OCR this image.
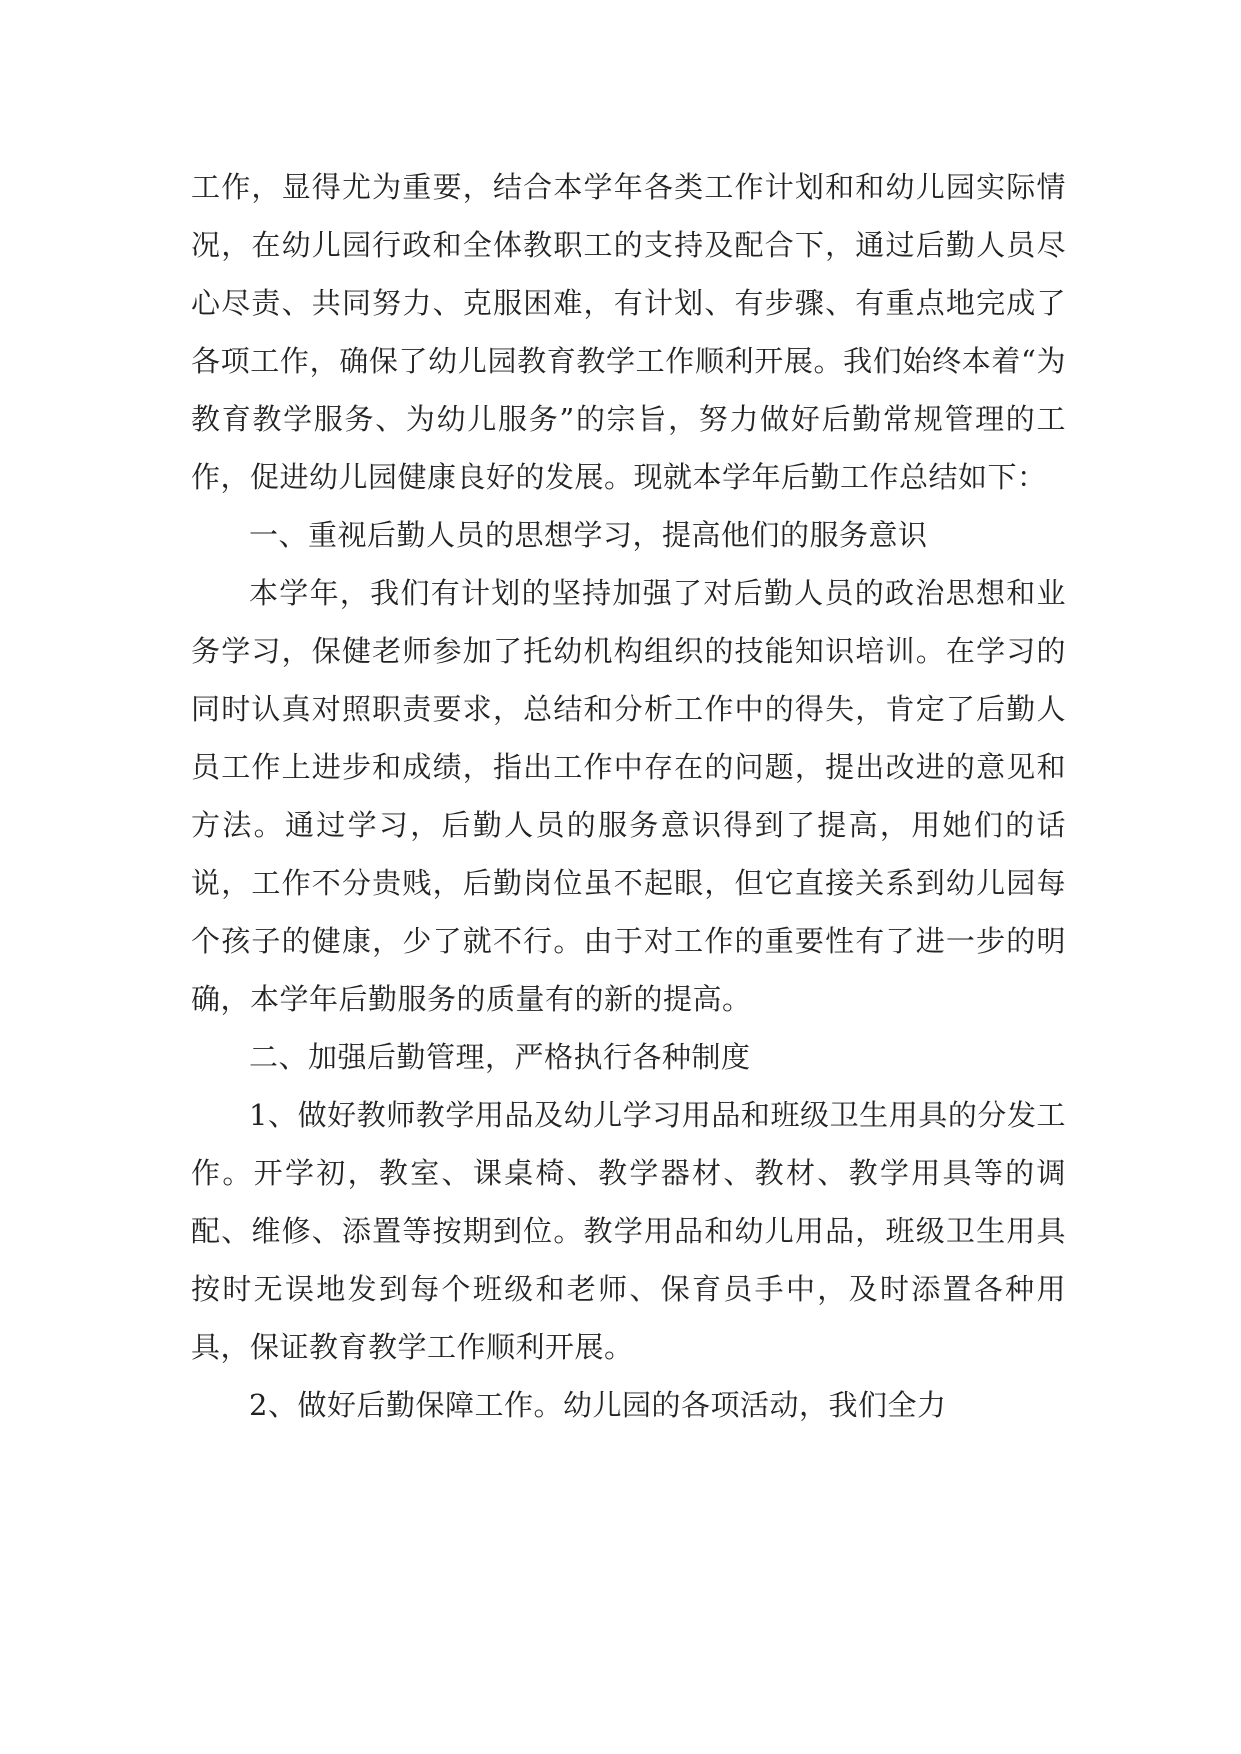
工作，显得尤为重要，结合本学年各类工作计划和和幼儿园实际情况，在幼儿园行政和全体教职工的支持及配合下，通过后勤人员尽心尽责、共同努力、克服困难，有计划、有步骤、有重点地完成了各项工作，确保了幼儿园教育教学工作顺利开展。我们始终本着“为教育教学服务、为幼儿服务”的宗旨，努力做好后勤常规管理的工作，促进幼儿园健康良好的发展。现就本学年后勤工作总结如下：

一、重视后勤人员的思想学习，提高他们的服务意识

本学年，我们有计划的坚持加强了对后勤人员的政治思想和业务学习，保健老师参加了托幼机构组织的技能知识培训。在学习的同时认真对照职责要求，总结和分析工作中的得失，肯定了后勤人员工作上进步和成绩，指出工作中存在的问题，提出改进的意见和方法。通过学习，后勤人员的服务意识得到了提高，用她们的话说，工作不分贵贱，后勤岗位虽不起眼，但它直接关系到幼儿园每个孩子的健康，少了就不行。由于对工作的重要性有了进一步的明确，本学年后勤服务的质量有的新的提高。

二、加强后勤管理，严格执行各种制度

1、做好教师教学用品及幼儿学习用品和班级卫生用具的分发工作。开学初，教室、课桌椅、教学器材、教材、教学用具等的调配、维修、添置等按期到位。教学用品和幼儿用品，班级卫生用具按时无误地发到每个班级和老师、保育员手中，及时添置各种用具，保证教育教学工作顺利开展。

2、做好后勤保障工作。幼儿园的各项活动，我们全力
